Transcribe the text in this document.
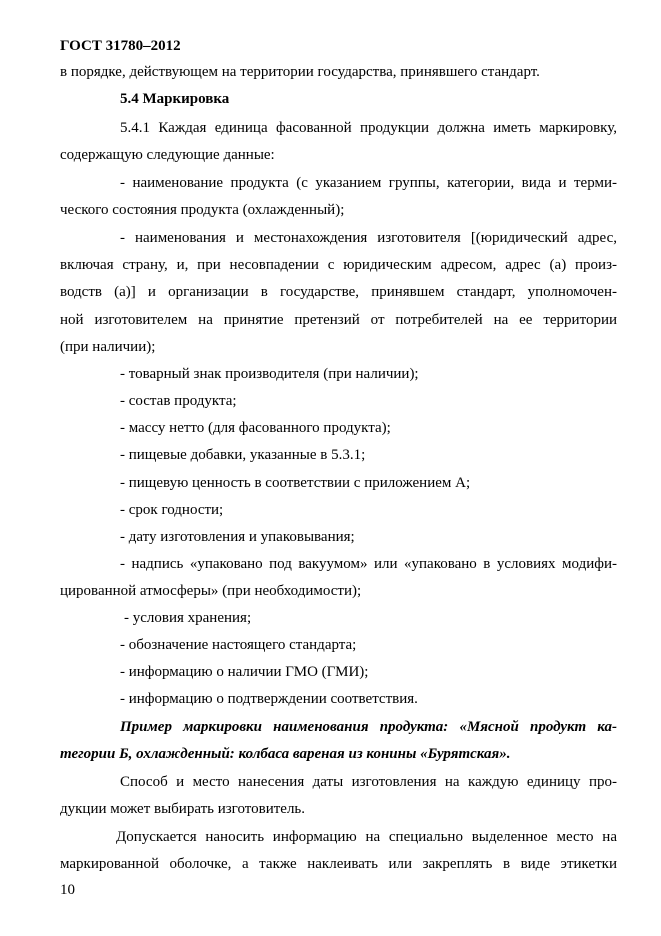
ГОСТ 31780–2012
в порядке, действующем на территории государства, принявшего стандарт.
5.4 Маркировка
5.4.1 Каждая единица фасованной продукции должна иметь маркировку,
содержащую следующие данные:
- наименование продукта (с указанием группы, категории, вида и терми-
ческого состояния продукта (охлажденный);
- наименования и местонахождения изготовителя [(юридический адрес,
включая страну, и, при несовпадении с юридическим адресом, адрес (а) произ-
водств (а)] и организации в государстве, принявшем стандарт, уполномочен-
ной изготовителем на принятие претензий от потребителей на ее территории
(при наличии);
- товарный знак производителя (при наличии);
- состав продукта;
- массу нетто (для фасованного продукта);
- пищевые добавки, указанные в 5.3.1;
- пищевую ценность в соответствии с приложением А;
- срок годности;
- дату изготовления и упаковывания;
- надпись «упаковано под вакуумом» или «упаковано в условиях модифи-
цированной атмосферы» (при необходимости);
- условия хранения;
- обозначение настоящего стандарта;
- информацию о наличии ГМО (ГМИ);
- информацию о подтверждении соответствия.
Пример маркировки наименования продукта: «Мясной продукт ка-
тегории Б, охлажденный: колбаса вареная из конины «Бурятская».
Способ и место нанесения даты изготовления на каждую единицу про-
дукции может выбирать изготовитель.
Допускается наносить информацию на специально выделенное место на
маркированной оболочке, а также наклеивать или закреплять в виде этикетки
10
